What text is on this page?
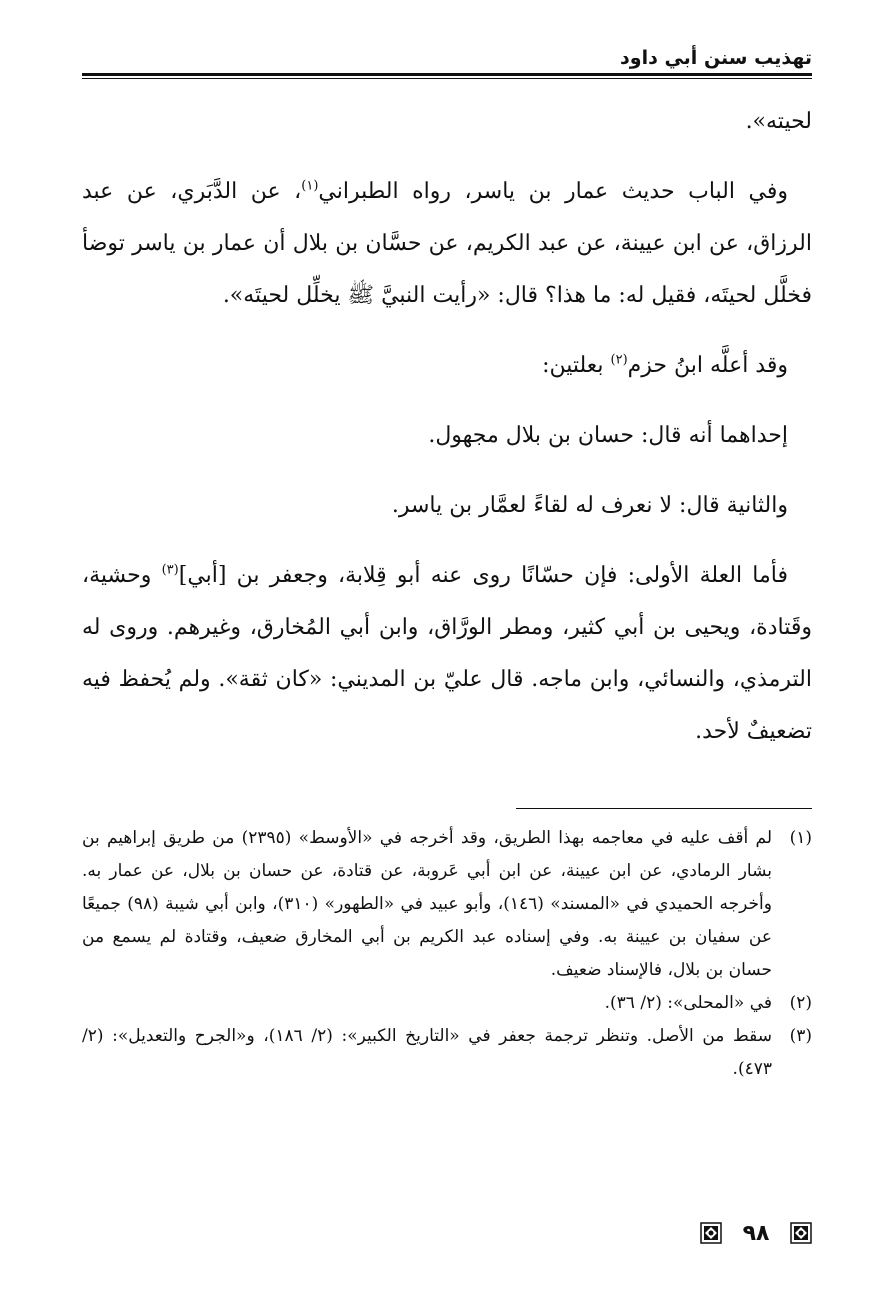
تهذيب سنن أبي داود

لحيته».

وفي الباب حديث عمار بن ياسر، رواه الطبراني$^{(١)}$، عن الدَّبَري، عن عبد الرزاق، عن ابن عيينة، عن عبد الكريم، عن حسَّان بن بلال أن عمار بن ياسر توضأ فخلَّل لحيتَه، فقيل له: ما هذا؟ قال: «رأيت النبيَّ ﷺ يخلِّل لحيتَه».

وقد أعلَّه ابنُ حزم$^{(٢)}$ بعلتين:

إحداهما أنه قال: حسان بن بلال مجهول.

والثانية قال: لا نعرف له لقاءً لعمَّار بن ياسر.

فأما العلة الأولى: فإن حسّانًا روى عنه أبو قِلابة، وجعفر بن [أبي]$^{(٣)}$ وحشية، وقَتادة، ويحيى بن أبي كثير، ومطر الورَّاق، وابن أبي المُخارق، وغيرهم. وروى له الترمذي، والنسائي، وابن ماجه. قال عليّ بن المديني: «كان ثقة». ولم يُحفظ فيه تضعيفٌ لأحد.

(١)
لم أقف عليه في معاجمه بهذا الطريق، وقد أخرجه في «الأوسط» (٢٣٩٥) من طريق إبراهيم بن بشار الرمادي، عن ابن عيينة، عن ابن أبي عَروبة، عن قتادة، عن حسان بن بلال، عن عمار به. وأخرجه الحميدي في «المسند» (١٤٦)، وأبو عبيد في «الطهور» (٣١٠)، وابن أبي شيبة (٩٨) جميعًا عن سفيان بن عيينة به. وفي إسناده عبد الكريم بن أبي المخارق ضعيف، وقتادة لم يسمع من حسان بن بلال، فالإسناد ضعيف.
(٢)
في «المحلى»: (٢/ ٣٦).
(٣)
سقط من الأصل. وتنظر ترجمة جعفر في «التاريخ الكبير»: (٢/ ١٨٦)، و«الجرح والتعديل»: (٢/ ٤٧٣).
٩٨
